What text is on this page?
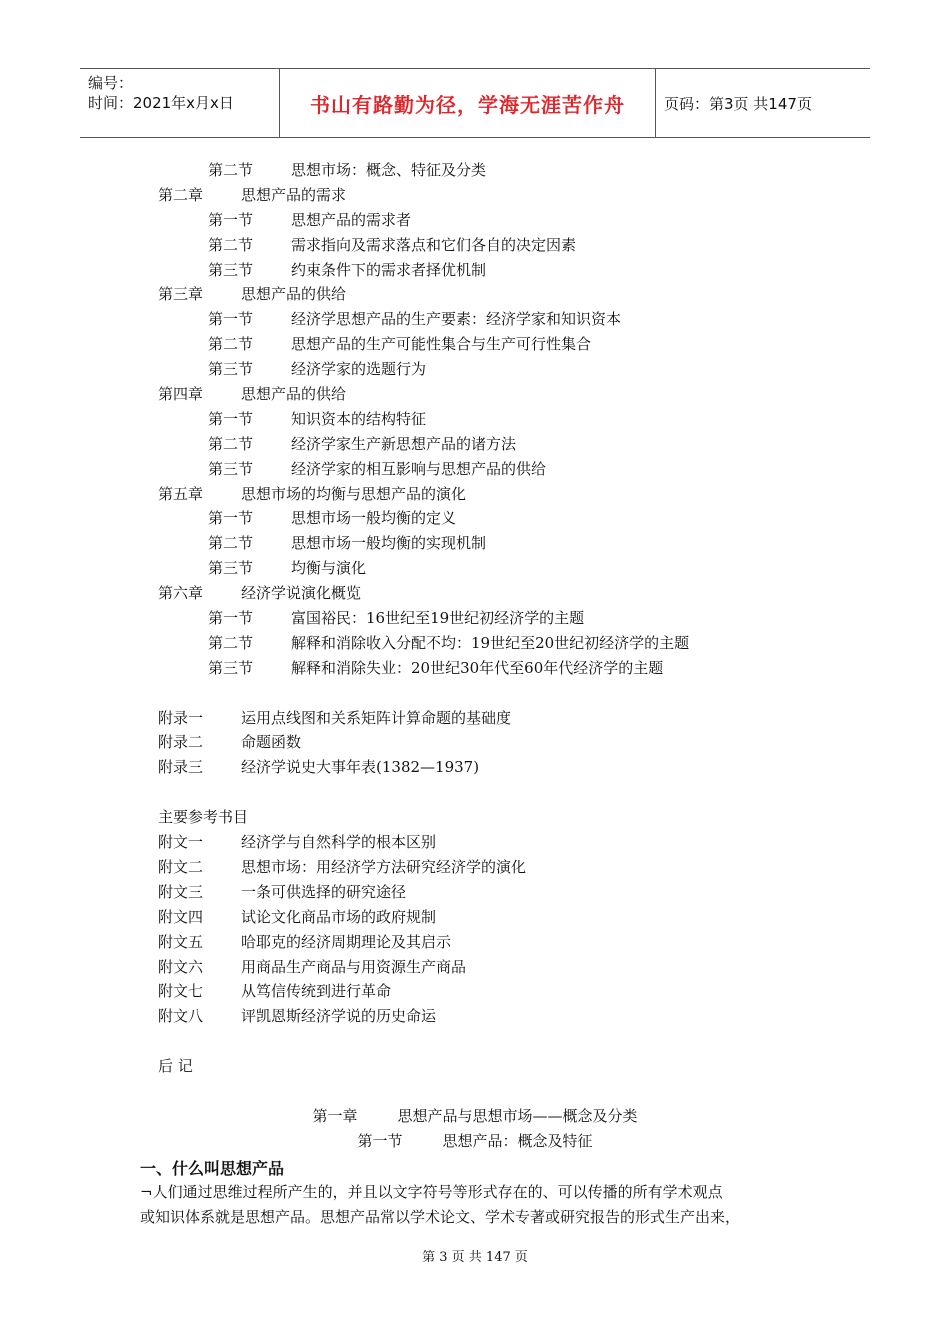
编号：
时间：2021年x月x日	书山有路勤为径，学海无涯苦作舟	页码：第3页 共147页
第二节	思想市场：概念、特征及分类
第二章	思想产品的需求
第一节	思想产品的需求者
第二节	需求指向及需求落点和它们各自的决定因素
第三节	约束条件下的需求者择优机制
第三章	思想产品的供给
第一节	经济学思想产品的生产要素：经济学家和知识资本
第二节	思想产品的生产可能性集合与生产可行性集合
第三节	经济学家的选题行为
第四章	思想产品的供给
第一节	知识资本的结构特征
第二节	经济学家生产新思想产品的诸方法
第三节	经济学家的相互影响与思想产品的供给
第五章	思想市场的均衡与思想产品的演化
第一节	思想市场一般均衡的定义
第二节	思想市场一般均衡的实现机制
第三节	均衡与演化
第六章	经济学说演化概览
第一节	富国裕民：16世纪至19世纪初经济学的主题
第二节	解释和消除收入分配不均：19世纪至20世纪初经济学的主题
第三节	解释和消除失业：20世纪30年代至60年代经济学的主题
附录一	运用点线图和关系矩阵计算命题的基础度
附录二	命题函数
附录三	经济学说史大事年表(1382—1937)
主要参考书目
附文一	经济学与自然科学的根本区别
附文二	思想市场：用经济学方法研究经济学的演化
附文三	一条可供选择的研究途径
附文四	试论文化商品市场的政府规制
附文五	哈耶克的经济周期理论及其启示
附文六	用商品生产商品与用资源生产商品
附文七	从笃信传统到进行革命
附文八	评凯恩斯经济学说的历史命运
后 记
第一章	思想产品与思想市场——概念及分类
第一节	思想产品：概念及特征
一、什么叫思想产品
¬人们通过思维过程所产生的，并且以文字符号等形式存在的、可以传播的所有学术观点
或知识体系就是思想产品。思想产品常以学术论文、学术专著或研究报告的形式生产出来，
第 3 页 共 147 页
